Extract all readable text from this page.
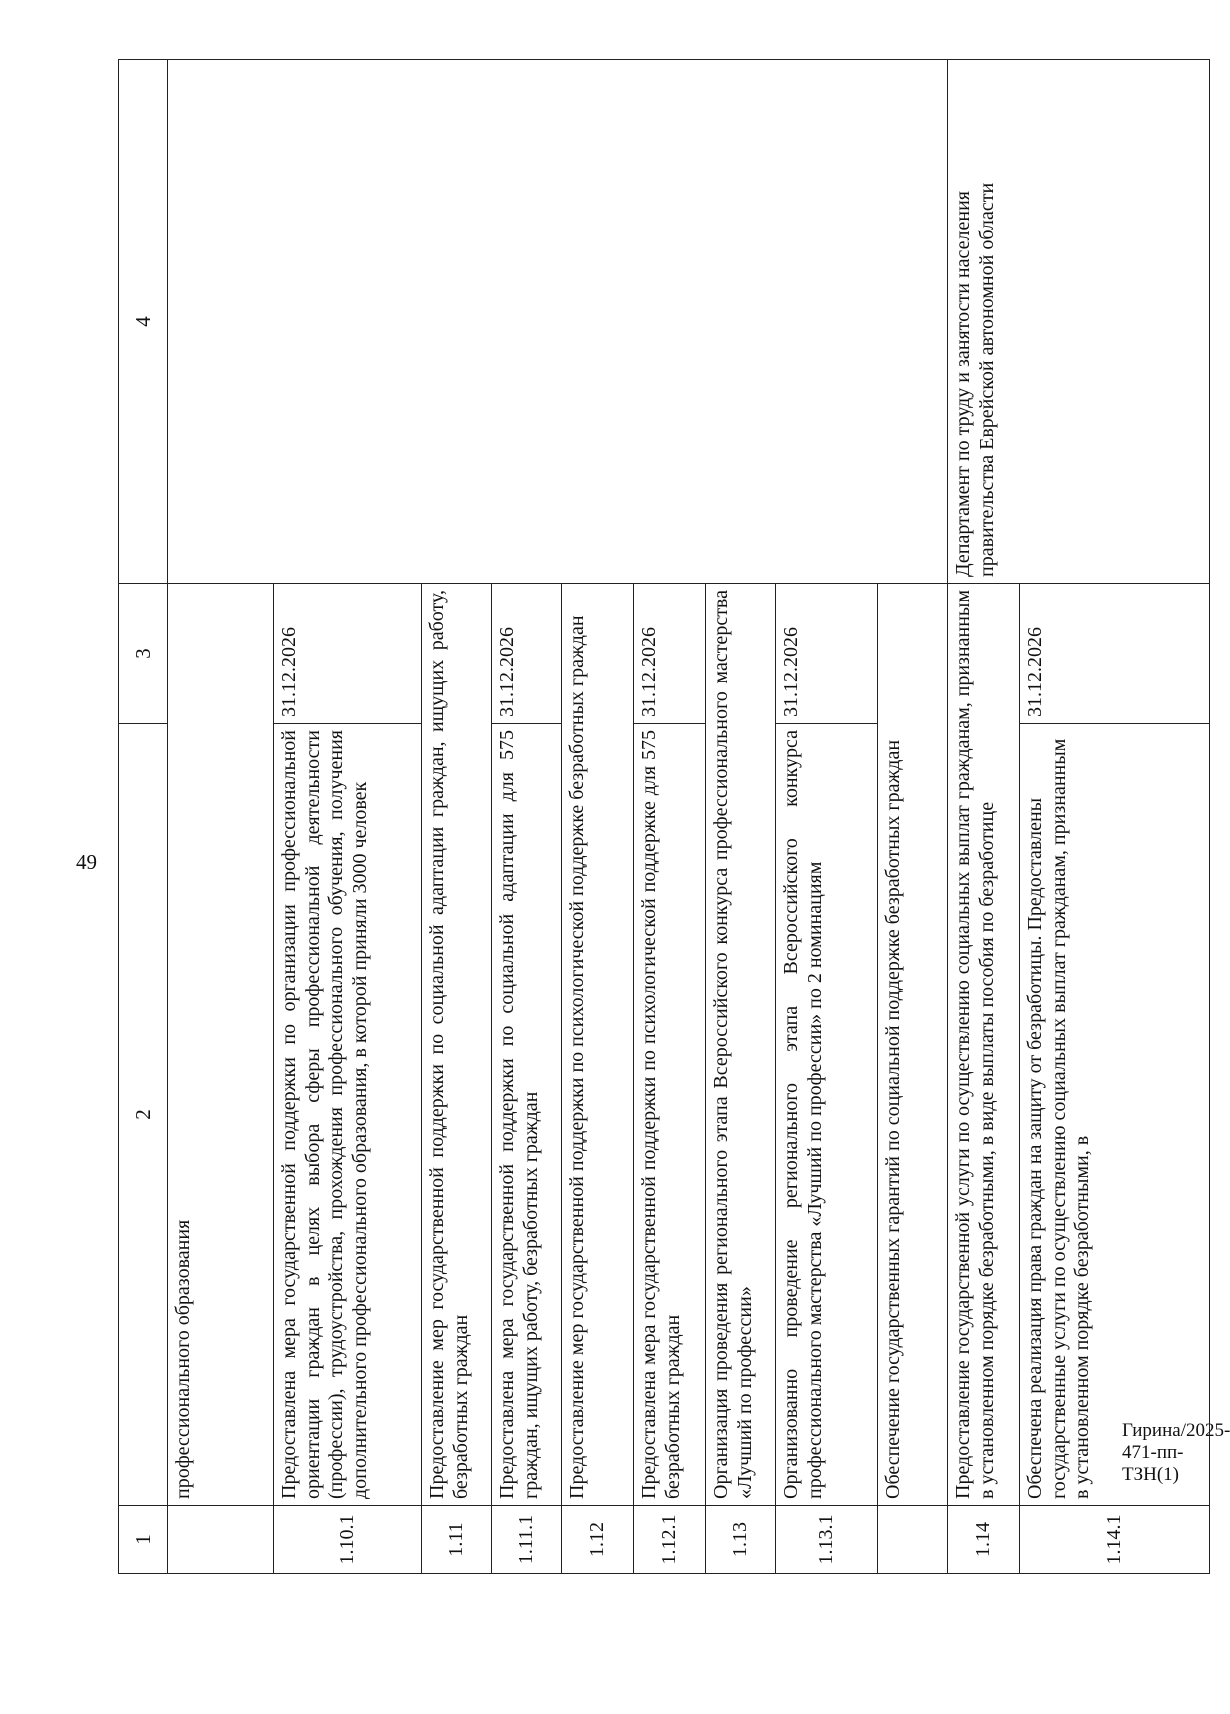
49
Гирина/2025-471-пп-ТЗН(1)
1	2	3	4
	профессионального образования		
1.10.1	Предоставлена мера государственной поддержки по организации профессиональной ориентации граждан в целях выбора сферы профессиональной деятельности (профессии), трудоустройства, прохождения профессионального обучения, получения дополнительного профессионального образования, в которой приняли 3000 человек	31.12.2026	
1.11	Предоставление мер государственной поддержки по социальной адаптации граждан, ищущих работу, безработных граждан		
1.11.1	Предоставлена мера государственной поддержки по социальной адаптации для 575 граждан, ищущих работу, безработных граждан	31.12.2026	
1.12	Предоставление мер государственной поддержки по психологической поддержке безработных граждан		
1.12.1	Предоставлена мера государственной поддержки по психологической поддержке для 575 безработных граждан	31.12.2026	
1.13	Организация проведения регионального этапа Всероссийского конкурса профессионального мастерства «Лучший по профессии»		
1.13.1	Организованно проведение регионального этапа Всероссийского конкурса профессионального мастерства «Лучший по профессии» по 2 номинациям	31.12.2026	
	Обеспечение государственных гарантий по социальной поддержке безработных граждан		
1.14	Предоставление государственной услуги по осуществлению социальных выплат гражданам, признанным в установленном порядке безработными, в виде выплаты пособия по безработице		Департамент по труду и занятости населения правительства Еврейской автономной области
1.14.1	Обеспечена реализация права граждан на защиту от безработицы. Предоставлены государственные услуги по осуществлению социальных выплат гражданам, признанным в установленном порядке безработными, в	31.12.2026	
